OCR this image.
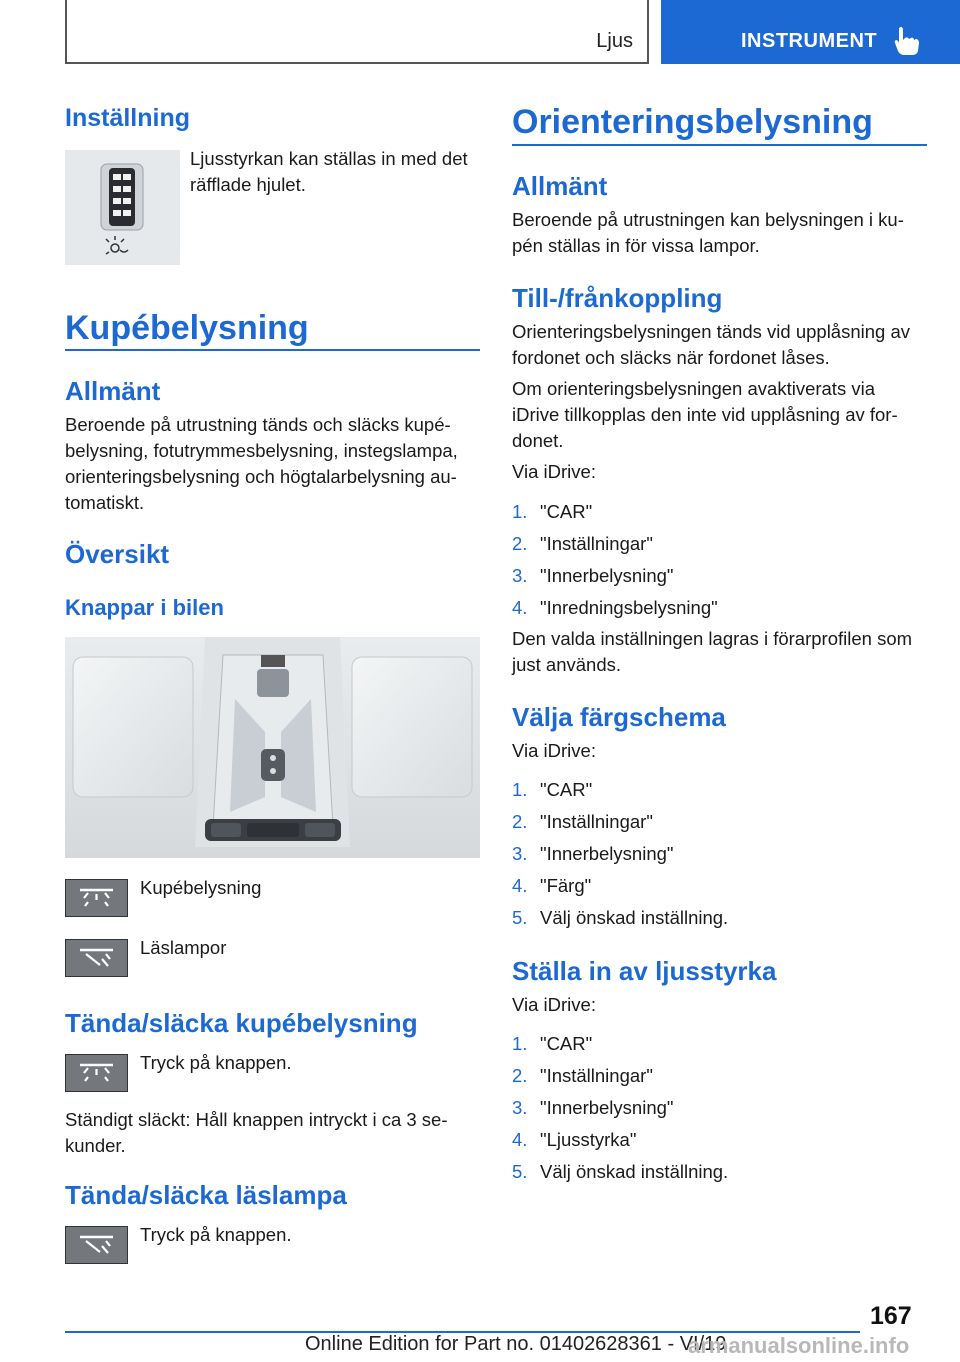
Ljus	INSTRUMENT
Inställning

Ljusstyrkan kan ställas in med det räfflade hjulet.

Kupébelysning
Allmänt

Beroende på utrustning tänds och släcks kupé-belysning, fotutrymmesbelysning, instegslampa, orienteringsbelysning och högtalarbelysning au-tomatiskt.

Översikt
Knappar i bilen
Kupébelysning
Läslampor
Tända/släcka kupébelysning
Tryck på knappen.

Ständigt släckt: Håll knappen intryckt i ca 3 se-kunder.

Tända/släcka läslampa
Tryck på knappen.
Orienteringsbelysning
Allmänt

Beroende på utrustningen kan belysningen i ku-pén ställas in för vissa lampor.

Till-/frånkoppling

Orienteringsbelysningen tänds vid upplåsning av fordonet och släcks när fordonet låses.

Om orienteringsbelysningen avaktiverats via iDrive tillkopplas den inte vid upplåsning av for-donet.

Via iDrive:

1. "CAR"
2. "Inställningar"
3. "Innerbelysning"
4. "Inredningsbelysning"

Den valda inställningen lagras i förarprofilen som just används.

Välja färgschema

Via iDrive:

1. "CAR"
2. "Inställningar"
3. "Innerbelysning"
4. "Färg"
5. Välj önskad inställning.
Ställa in av ljusstyrka

Via iDrive:

1. "CAR"
2. "Inställningar"
3. "Innerbelysning"
4. "Ljusstyrka"
5. Välj önskad inställning.
167
Online Edition for Part no. 01402628361 - VI/19
armanualsonline.info
